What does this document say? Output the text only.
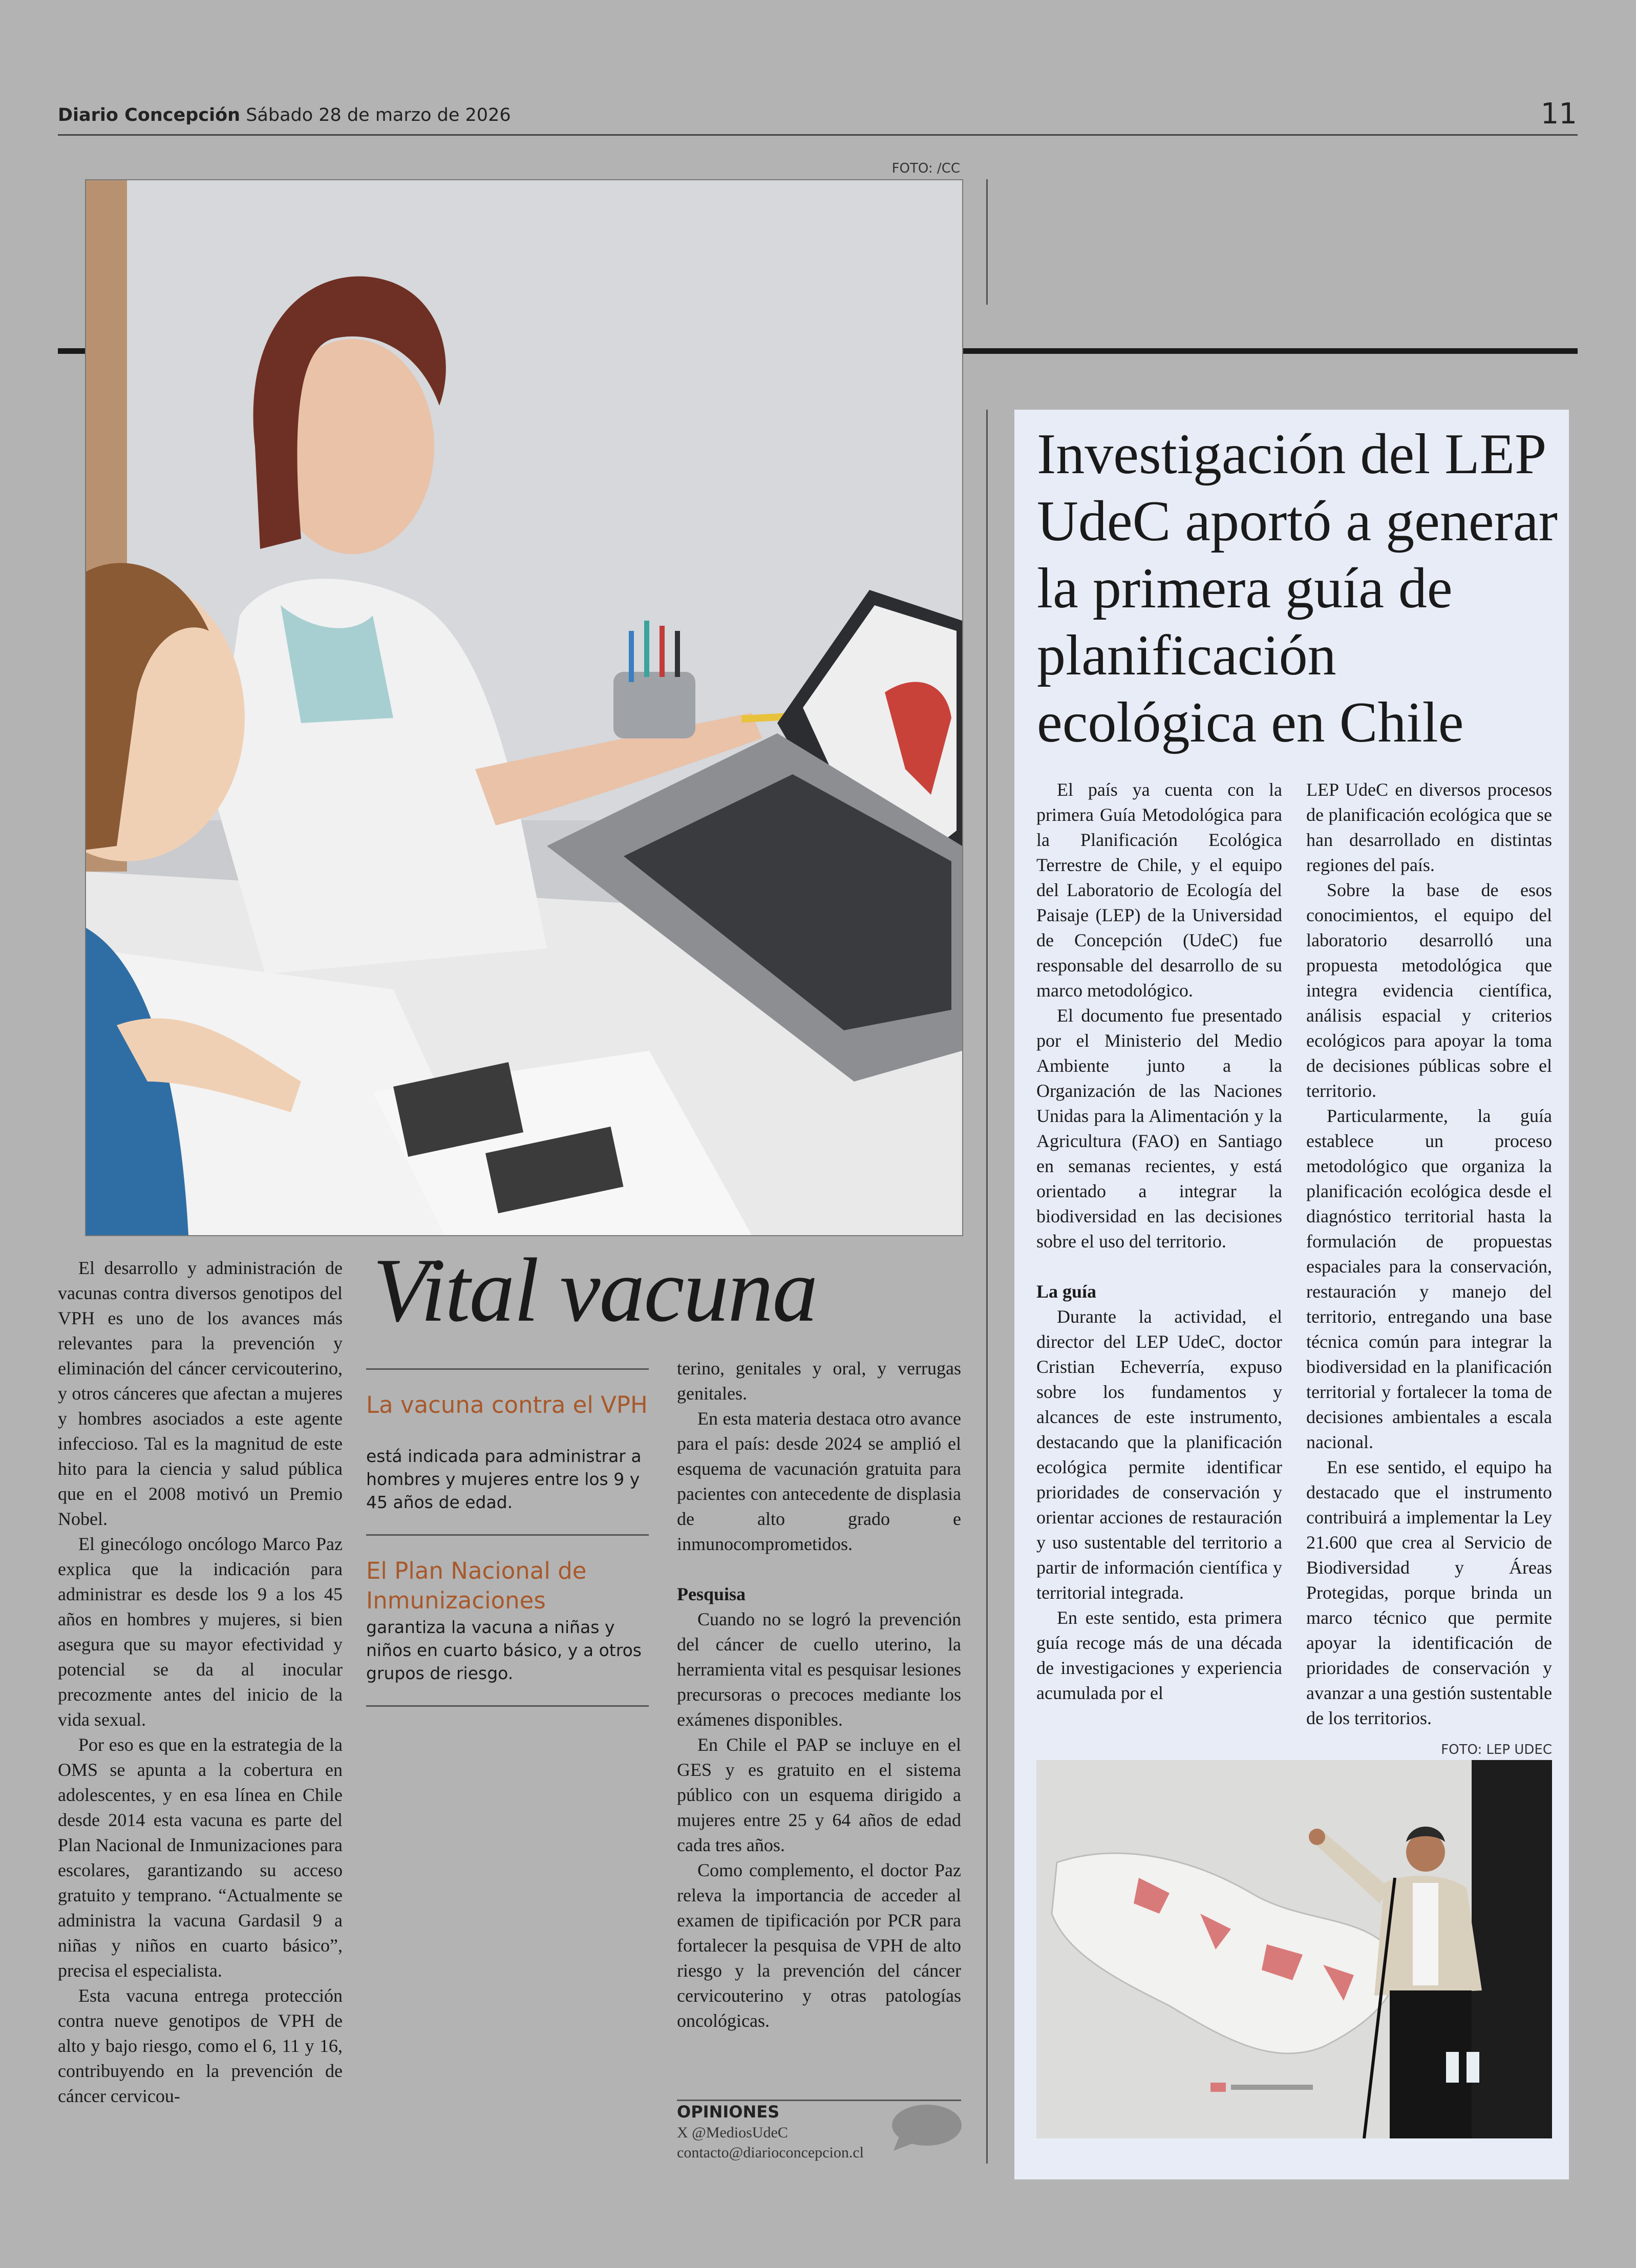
Diario Concepción Sábado 28 de marzo de 2026	11
FOTO: /CC

El desarrollo y administración de vacunas contra diversos genotipos del VPH es uno de los avances más relevantes para la prevención y eliminación del cáncer cervicouterino, y otros cánceres que afectan a mujeres y hombres asociados a este agente infeccioso. Tal es la magnitud de este hito para la ciencia y salud pública que en el 2008 motivó un Premio Nobel.

El ginecólogo oncólogo Marco Paz explica que la indicación para administrar es desde los 9 a los 45 años en hombres y mujeres, si bien asegura que su mayor efectividad y potencial se da al inocular precozmente antes del inicio de la vida sexual.

Por eso es que en la estrategia de la OMS se apunta a la cobertura en adolescentes, y en esa línea en Chile desde 2014 esta vacuna es parte del Plan Nacional de Inmunizaciones para escolares, garantizando su acceso gratuito y temprano. “Actualmente se administra la vacuna Gardasil 9 a niñas y niños en cuarto básico”, precisa el especialista.

Esta vacuna entrega protección contra nueve genotipos de VPH de alto y bajo riesgo, como el 6, 11 y 16, contribuyendo en la prevención de cáncer cervicou-

Vital vacuna
La vacuna contra el VPH
está indicada para administrar a hombres y mujeres entre los 9 y 45 años de edad.
El Plan Nacional de Inmunizaciones
garantiza la vacuna a niñas y niños en cuarto básico, y a otros grupos de riesgo.

terino, genitales y oral, y verrugas genitales.

En esta materia destaca otro avance para el país: desde 2024 se amplió el esquema de vacunación gratuita para pacientes con antecedente de displasia de alto grado e inmunocomprometidos.

Pesquisa

Cuando no se logró la prevención del cáncer de cuello uterino, la herramienta vital es pesquisar lesiones precursoras o precoces mediante los exámenes disponibles.

En Chile el PAP se incluye en el GES y es gratuito en el sistema público con un esquema dirigido a mujeres entre 25 y 64 años de edad cada tres años.

Como complemento, el doctor Paz releva la importancia de acceder al examen de tipificación por PCR para fortalecer la pesquisa de VPH de alto riesgo y la prevención del cáncer cervicouterino y otras patologías oncológicas.

OPINIONES
X @MediosUdeC
contacto@diarioconcepcion.cl
Investigación del LEP UdeC aportó a generar la primera guía de planificación ecológica en Chile

El país ya cuenta con la primera Guía Metodológica para la Planificación Ecológica Terrestre de Chile, y el equipo del Laboratorio de Ecología del Paisaje (LEP) de la Universidad de Concepción (UdeC) fue responsable del desarrollo de su marco metodológico.

El documento fue presentado por el Ministerio del Medio Ambiente junto a la Organización de las Naciones Unidas para la Alimentación y la Agricultura (FAO) en Santiago en semanas recientes, y está orientado a integrar la biodiversidad en las decisiones sobre el uso del territorio.

La guía

Durante la actividad, el director del LEP UdeC, doctor Cristian Echeverría, expuso sobre los fundamentos y alcances de este instrumento, destacando que la planificación ecológica permite identificar prioridades de conservación y orientar acciones de restauración y uso sustentable del territorio a partir de información científica y territorial integrada.

En este sentido, esta primera guía recoge más de una década de investigaciones y experiencia acumulada por el

LEP UdeC en diversos procesos de planificación ecológica que se han desarrollado en distintas regiones del país.

Sobre la base de esos conocimientos, el equipo del laboratorio desarrolló una propuesta metodológica que integra evidencia científica, análisis espacial y criterios ecológicos para apoyar la toma de decisiones públicas sobre el territorio.

Particularmente, la guía establece un proceso metodológico que organiza la planificación ecológica desde el diagnóstico territorial hasta la formulación de propuestas espaciales para la conservación, restauración y manejo del territorio, entregando una base técnica común para integrar la biodiversidad en la planificación territorial y fortalecer la toma de decisiones ambientales a escala nacional.

En ese sentido, el equipo ha destacado que el instrumento contribuirá a implementar la Ley 21.600 que crea al Servicio de Biodiversidad y Áreas Protegidas, porque brinda un marco técnico que permite apoyar la identificación de prioridades de conservación y avanzar a una gestión sustentable de los territorios.

FOTO: LEP UDEC
